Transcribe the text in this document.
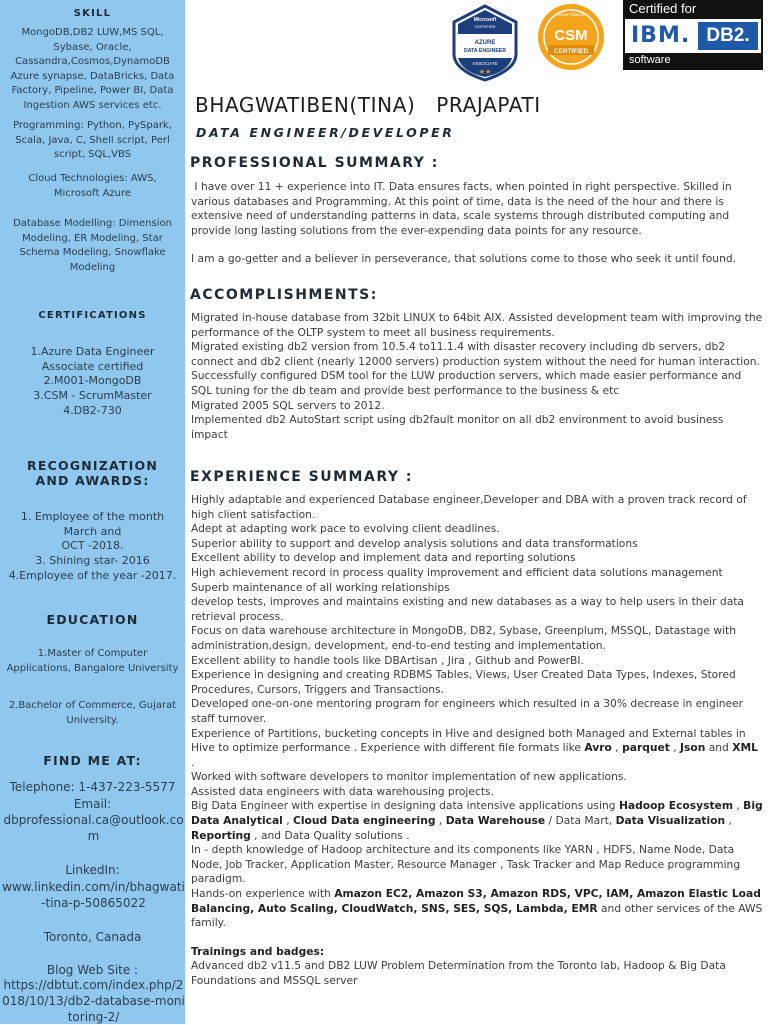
SKILL
MongoDB,DB2 LUW,MS SQL, Sybase, Oracle, Cassandra,Cosmos,DynamoDB Azure synapse, DataBricks, Data Factory, Pipeline, Power BI, Data Ingestion AWS services etc.
Programming: Python, PySpark, Scala, Java, C, Shell script, Perl script, SQL,VBS
Cloud Technologies: AWS, Microsoft Azure
Database Modelling: Dimension Modeling, ER Modeling, Star Schema Modeling, Snowflake Modeling
CERTIFICATIONS
1.Azure Data Engineer
Associate certified
2.M001-MongoDB
3.CSM - ScrumMaster
4.DB2-730
RECOGNIZATION AND AWARDS:
1. Employee of the month
March and
OCT -2018.
3. Shining star- 2016
4.Employee of the year -2017.
EDUCATION
1.Master of Computer Applications, Bangalore University
2.Bachelor of Commerce, Gujarat University.
FIND ME AT:
Telephone: 1-437-223-5577
Email:
dbprofessional.ca@outlook.com
LinkedIn:
www.linkedin.com/in/bhagwati-tina-p-50865022
Toronto, Canada
Blog Web Site :
https://dbtut.com/index.php/2018/10/13/db2-database-monitoring-2/
Microsoft
CERTIFIED
AZURE
DATA ENGINEER
ASSOCIATE
★★
ScrumAlliance
CSM
CERTIFIED
Certified for
IBM. DB2.
software
BHAGWATIBEN(TINA)   PRAJAPATI
DATA ENGINEER/DEVELOPER
PROFESSIONAL SUMMARY :

I have over 11 + experience into IT. Data ensures facts, when pointed in right perspective. Skilled in various databases and Programming. At this point of time, data is the need of the hour and there is extensive need of understanding patterns in data, scale systems through distributed computing and provide long lasting solutions from the ever-expending data points for any resource.

I am a go-getter and a believer in perseverance, that solutions come to those who seek it until found.

ACCOMPLISHMENTS:

Migrated in-house database from 32bit LINUX to 64bit AIX. Assisted development team with improving the performance of the OLTP system to meet all business requirements.

Migrated existing db2 version from 10.5.4 to11.1.4 with disaster recovery including db servers, db2 connect and db2 client (nearly 12000 servers) production system without the need for human interaction.

Successfully configured DSM tool for the LUW production servers, which made easier performance and SQL tuning for the db team and provide best performance to the business & etc

Migrated 2005 SQL servers to 2012.

Implemented db2 AutoStart script using db2fault monitor on all db2 environment to avoid business impact

EXPERIENCE SUMMARY :

Highly adaptable and experienced Database engineer,Developer and DBA with a proven track record of high client satisfaction.

Adept at adapting work pace to evolving client deadlines.

Superior ability to support and develop analysis solutions and data transformations

Excellent ability to develop and implement data and reporting solutions

High achievement record in process quality improvement and efficient data solutions management

Superb maintenance of all working relationships

develop tests, improves and maintains existing and new databases as a way to help users in their data retrieval process.

Focus on data warehouse architecture in MongoDB, DB2, Sybase, Greenplum, MSSQL, Datastage with administration,design, development, end-to-end testing and implementation.

Excellent ability to handle tools like DBArtisan , Jira , Github and PowerBI.

Experience in designing and creating RDBMS Tables, Views, User Created Data Types, Indexes, Stored Procedures, Cursors, Triggers and Transactions.

Developed one-on-one mentoring program for engineers which resulted in a 30% decrease in engineer staff turnover.

Experience of Partitions, bucketing concepts in Hive and designed both Managed and External tables in Hive to optimize performance . Experience with different file formats like Avro , parquet , Json and XML .

Worked with software developers to monitor implementation of new applications.

Assisted data engineers with data warehousing projects.

Big Data Engineer with expertise in designing data intensive applications using Hadoop Ecosystem , Big Data Analytical , Cloud Data engineering , Data Warehouse / Data Mart, Data Visualization , Reporting , and Data Quality solutions .

In - depth knowledge of Hadoop architecture and its components like YARN , HDFS, Name Node, Data Node, Job Tracker, Application Master, Resource Manager , Task Tracker and Map Reduce programming paradigm.

Hands-on experience with Amazon EC2, Amazon S3, Amazon RDS, VPC, IAM, Amazon Elastic Load Balancing, Auto Scaling, CloudWatch, SNS, SES, SQS, Lambda, EMR and other services of the AWS family.

Trainings and badges:

Advanced db2 v11.5 and DB2 LUW Problem Determination from the Toronto lab, Hadoop & Big Data Foundations and MSSQL server
